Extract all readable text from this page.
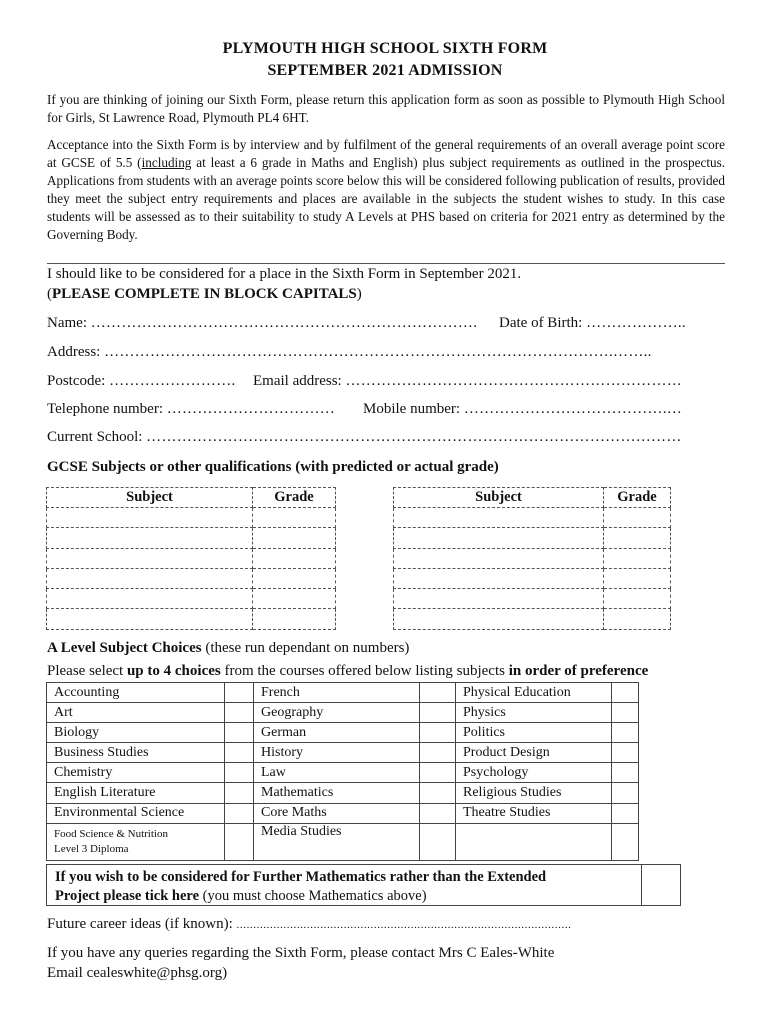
PLYMOUTH HIGH SCHOOL SIXTH FORM
SEPTEMBER 2021 ADMISSION
If you are thinking of joining our Sixth Form, please return this application form as soon as possible to Plymouth High School for Girls, St Lawrence Road, Plymouth PL4 6HT.
Acceptance into the Sixth Form is by interview and by fulfilment of the general requirements of an overall average point score at GCSE of 5.5 (including at least a 6 grade in Maths and English) plus subject requirements as outlined in the prospectus. Applications from students with an average points score below this will be considered following publication of results, provided they meet the subject entry requirements and places are available in the subjects the student wishes to study. In this case students will be assessed as to their suitability to study A Levels at PHS based on criteria for 2021 entry as determined by the Governing Body.
I should like to be considered for a place in the Sixth Form in September 2021.
(PLEASE COMPLETE IN BLOCK CAPITALS)
Name: …………………………………………………………………. Date of Birth: ………………..
Address: ……………………………………………………………………………………….……..
Postcode: ……………………. Email address: …………………………………………………………
Telephone number: …………………………… Mobile number: ………………………………….…
Current School: ……………………………………………………………………………………………
GCSE Subjects or other qualifications (with predicted or actual grade)
Subject	Grade

		Subject	Grade

A Level Subject Choices (these run dependant on numbers)
Please select up to 4 choices from the courses offered below listing subjects in order of preference
Accounting		French		Physical Education	
Art		Geography		Physics	
Biology		German		Politics	
Business Studies		History		Product Design	
Chemistry		Law		Psychology	
English Literature		Mathematics		Religious Studies	
Environmental Science		Core Maths		Theatre Studies	
Food Science & Nutrition
Level 3 Diploma		Media Studies			
If you wish to be considered for Further Mathematics rather than the Extended
Project please tick here (you must choose Mathematics above)
Future career ideas (if known): ....................................................................................................
If you have any queries regarding the Sixth Form, please contact Mrs C Eales-White
Email cealeswhite@phsg.org)
